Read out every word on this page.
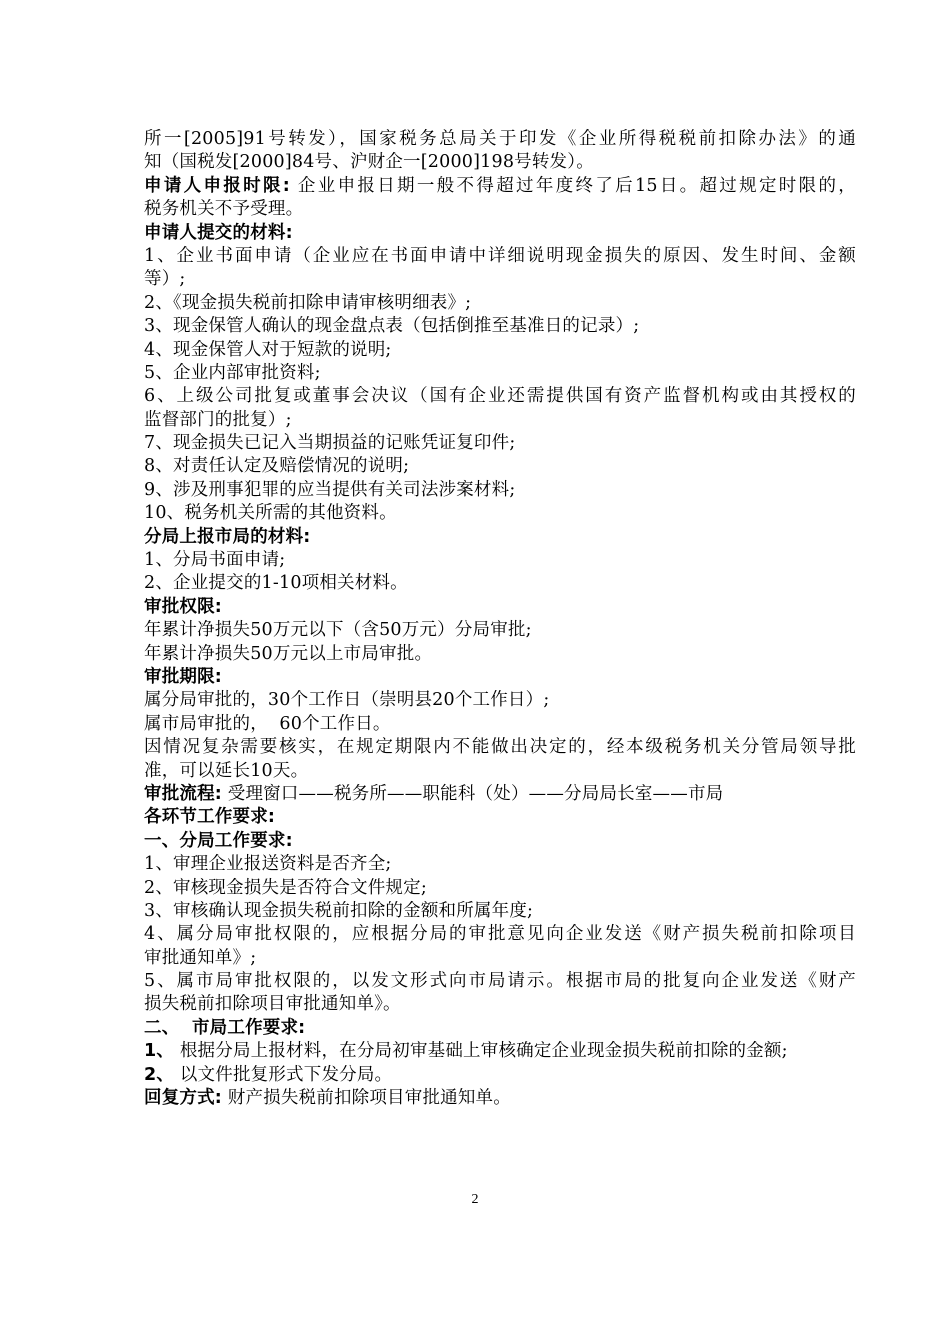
所一[2005]91号转发），国家税务总局关于印发《企业所得税税前扣除办法》的通
知（国税发[2000]84号、沪财企一[2000]198号转发）。
申请人申报时限: 企业申报日期一般不得超过年度终了后15日。超过规定时限的，
税务机关不予受理。
申请人提交的材料:
1、企业书面申请（企业应在书面申请中详细说明现金损失的原因、发生时间、金额
等）;
2、《现金损失税前扣除申请审核明细表》;
3、现金保管人确认的现金盘点表（包括倒推至基准日的记录）;
4、现金保管人对于短款的说明;
5、企业内部审批资料;
6、上级公司批复或董事会决议（国有企业还需提供国有资产监督机构或由其授权的
监督部门的批复）;
7、现金损失已记入当期损益的记账凭证复印件;
8、对责任认定及赔偿情况的说明;
9、涉及刑事犯罪的应当提供有关司法涉案材料;
10、税务机关所需的其他资料。
分局上报市局的材料:
1、分局书面申请;
2、企业提交的1-10项相关材料。
审批权限:
年累计净损失50万元以下（含50万元）分局审批;
年累计净损失50万元以上市局审批。
审批期限:
属分局审批的，30个工作日（崇明县20个工作日）;
属市局审批的，  60个工作日。
因情况复杂需要核实，在规定期限内不能做出决定的，经本级税务机关分管局领导批
准，可以延长10天。
审批流程: 受理窗口——税务所——职能科（处）——分局局长室——市局
各环节工作要求:
一、分局工作要求:
1、审理企业报送资料是否齐全;
2、审核现金损失是否符合文件规定;
3、审核确认现金损失税前扣除的金额和所属年度;
4、属分局审批权限的，应根据分局的审批意见向企业发送《财产损失税前扣除项目
审批通知单》;
5、属市局审批权限的，以发文形式向市局请示。根据市局的批复向企业发送《财产
损失税前扣除项目审批通知单》。
二、  市局工作要求:
1、 根据分局上报材料，在分局初审基础上审核确定企业现金损失税前扣除的金额;
2、 以文件批复形式下发分局。
回复方式: 财产损失税前扣除项目审批通知单。
2
